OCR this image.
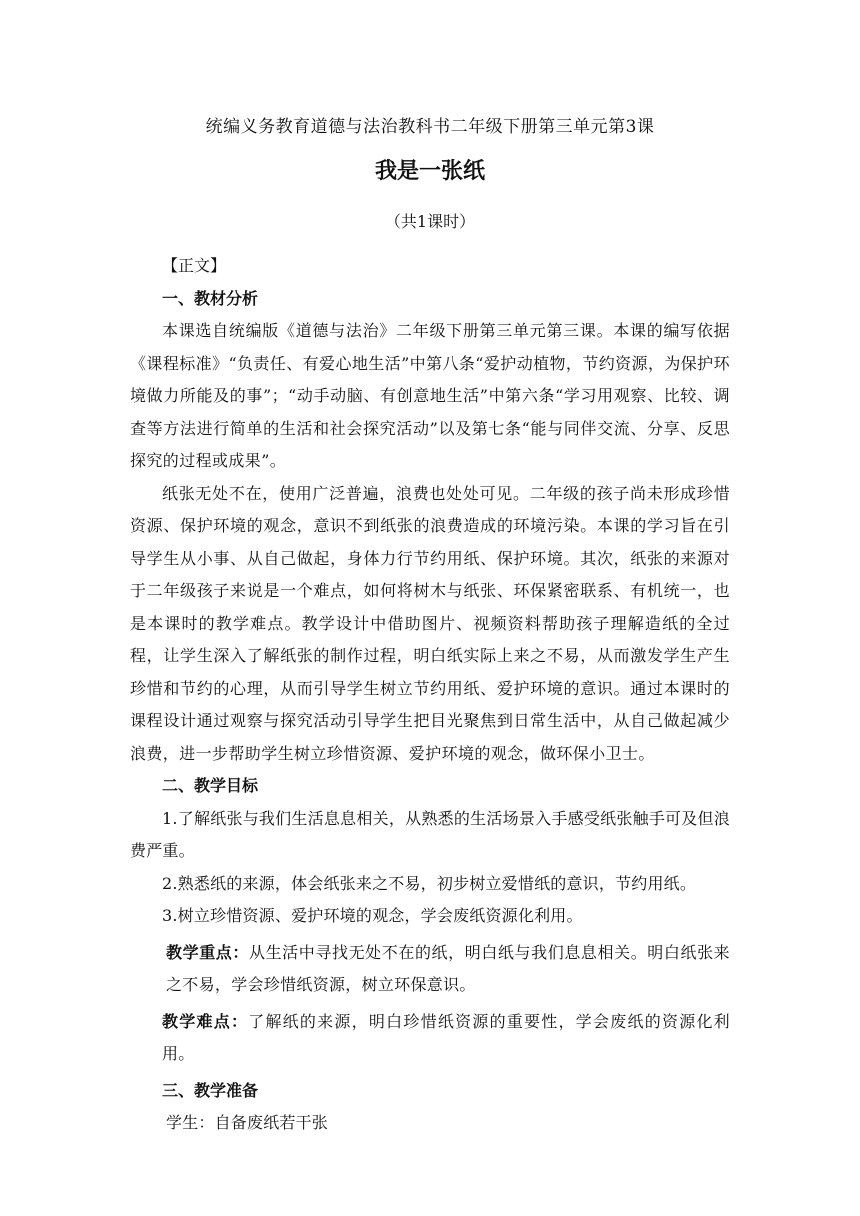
统编义务教育道德与法治教科书二年级下册第三单元第3课
我是一张纸
（共1课时）

【正文】

一、教材分析

本课选自统编版《道德与法治》二年级下册第三单元第三课。本课的编写依据《课程标准》“负责任、有爱心地生活”中第八条“爱护动植物，节约资源，为保护环境做力所能及的事”；“动手动脑、有创意地生活”中第六条“学习用观察、比较、调查等方法进行简单的生活和社会探究活动”以及第七条“能与同伴交流、分享、反思探究的过程或成果”。

纸张无处不在，使用广泛普遍，浪费也处处可见。二年级的孩子尚未形成珍惜资源、保护环境的观念，意识不到纸张的浪费造成的环境污染。本课的学习旨在引导学生从小事、从自己做起，身体力行节约用纸、保护环境。其次，纸张的来源对于二年级孩子来说是一个难点，如何将树木与纸张、环保紧密联系、有机统一，也是本课时的教学难点。教学设计中借助图片、视频资料帮助孩子理解造纸的全过程，让学生深入了解纸张的制作过程，明白纸实际上来之不易，从而激发学生产生珍惜和节约的心理，从而引导学生树立节约用纸、爱护环境的意识。通过本课时的课程设计通过观察与探究活动引导学生把目光聚焦到日常生活中，从自己做起减少浪费，进一步帮助学生树立珍惜资源、爱护环境的观念，做环保小卫士。

二、教学目标

1.了解纸张与我们生活息息相关，从熟悉的生活场景入手感受纸张触手可及但浪费严重。

2.熟悉纸的来源，体会纸张来之不易，初步树立爱惜纸的意识，节约用纸。

3.树立珍惜资源、爱护环境的观念，学会废纸资源化利用。

教学重点：从生活中寻找无处不在的纸，明白纸与我们息息相关。明白纸张来之不易，学会珍惜纸资源，树立环保意识。

教学难点：了解纸的来源，明白珍惜纸资源的重要性，学会废纸的资源化利用。

三、教学准备

学生：自备废纸若干张
